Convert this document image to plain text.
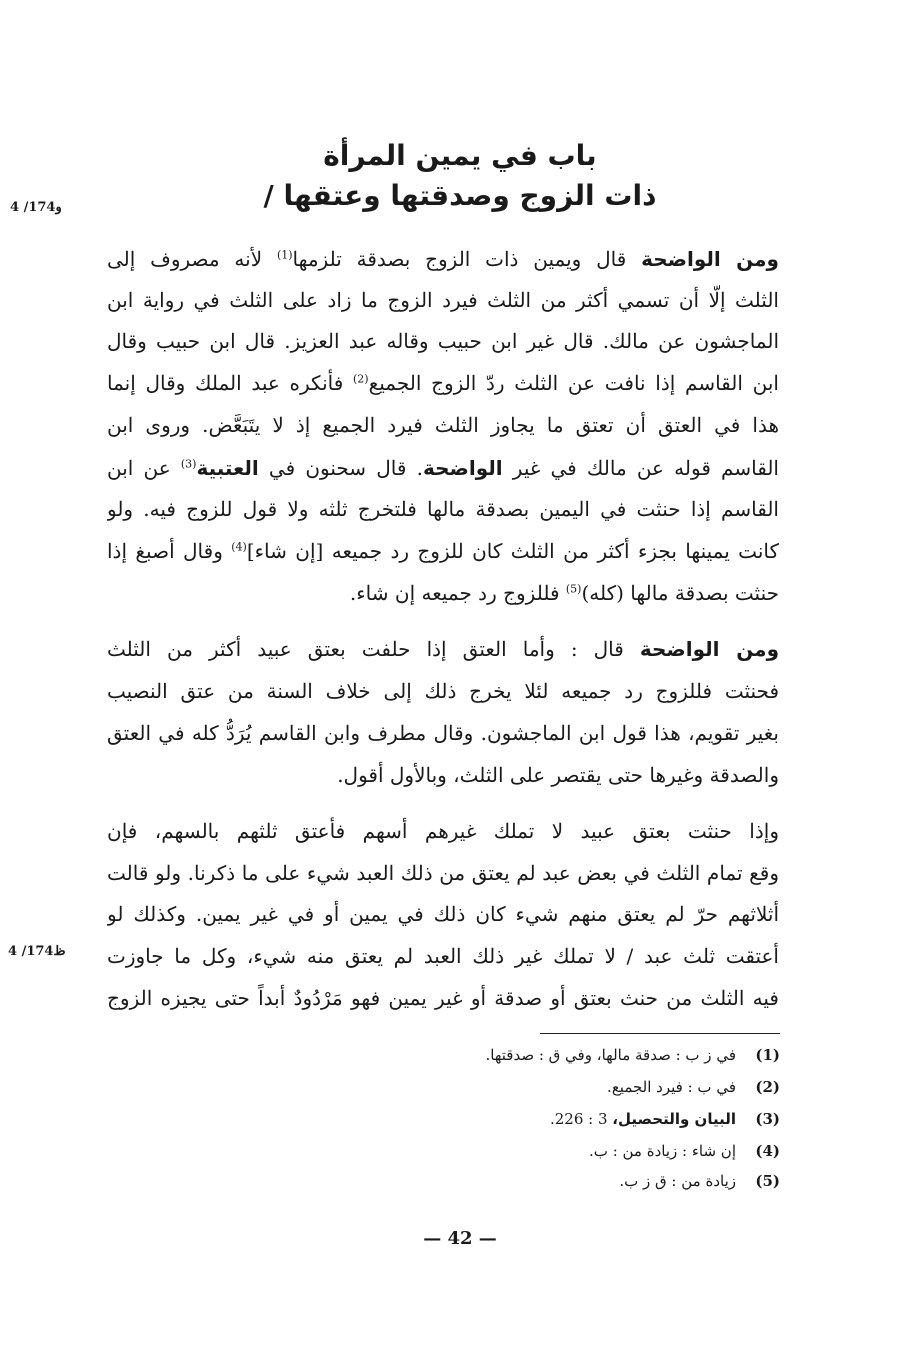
باب في يمين المرأة
ذات الزوج وصدقتها وعتقها /
4 /174و
4 /174ظ
ومن الواضحة قال ويمين ذات الزوج بصدقة تلزمها$^{(1)}$ لأنه مصروف إلى
الثلث إلّا أن تسمي أكثر من الثلث فيرد الزوج ما زاد على الثلث في رواية ابن
الماجشون عن مالك. قال غير ابن حبيب وقاله عبد العزيز. قال ابن حبيب وقال
ابن القاسم إذا نافت عن الثلث ردّ الزوج الجميع$^{(2)}$ فأنكره عبد الملك وقال إنما
هذا في العتق أن تعتق ما يجاوز الثلث فيرد الجميع إذ لا يتَبَعَّض. وروى ابن
القاسم قوله عن مالك في غير الواضحة. قال سحنون في العتبية$^{(3)}$ عن ابن
القاسم إذا حنثت في اليمين بصدقة مالها فلتخرج ثلثه ولا قول للزوج فيه. ولو
كانت يمينها بجزء أكثر من الثلث كان للزوج رد جميعه [إن شاء]$^{(4)}$ وقال أصبغ إذا
حنثت بصدقة مالها (كله)$^{(5)}$ فللزوج رد جميعه إن شاء.
ومن الواضحة قال : وأما العتق إذا حلفت بعتق عبيد أكثر من الثلث
فحنثت فللزوج رد جميعه لئلا يخرج ذلك إلى خلاف السنة من عتق النصيب
بغير تقويم، هذا قول ابن الماجشون. وقال مطرف وابن القاسم يُرَدُّ كله في العتق
والصدقة وغيرها حتى يقتصر على الثلث، وبالأول أقول.
وإذا حنثت بعتق عبيد لا تملك غيرهم أسهم فأعتق ثلثهم بالسهم، فإن
وقع تمام الثلث في بعض عبد لم يعتق من ذلك العبد شيء على ما ذكرنا. ولو قالت
أثلاثهم حرّ لم يعتق منهم شيء كان ذلك في يمين أو في غير يمين. وكذلك لو
أعتقت ثلث عبد / لا تملك غير ذلك العبد لم يعتق منه شيء، وكل ما جاوزت
فيه الثلث من حنث بعتق أو صدقة أو غير يمين فهو مَرْدُودٌ أبداً حتى يجيزه الزوج
(1)في ز ب : صدقة مالها، وفي ق : صدقتها.
(2)في ب : فيرد الجميع.
(3)البيان والتحصيل، 3 : 226.
(4)إن شاء : زيادة من : ب.
(5)زيادة من : ق ز ب.
— 42 —
